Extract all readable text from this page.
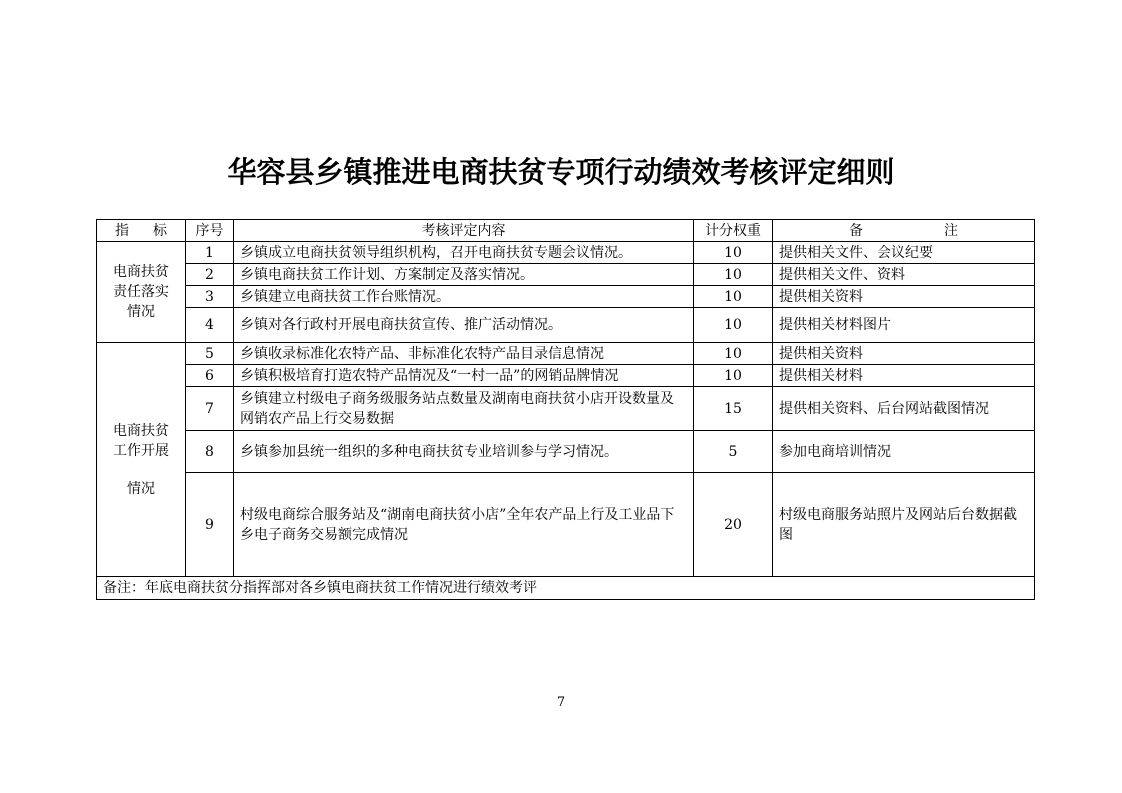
华容县乡镇推进电商扶贫专项行动绩效考核评定细则
指 标	序号	考核评定内容	计分权重	备 注

电商扶贫
责任落实
情况	1	乡镇成立电商扶贫领导组织机构，召开电商扶贫专题会议情况。	10	提供相关文件、会议纪要
	2	乡镇电商扶贫工作计划、方案制定及落实情况。	10	提供相关文件、资料
	3	乡镇建立电商扶贫工作台账情况。	10	提供相关资料
	4	乡镇对各行政村开展电商扶贫宣传、推广活动情况。	10	提供相关材料图片

电商扶贫
工作开展
情况	5	乡镇收录标准化农特产品、非标准化农特产品目录信息情况	10	提供相关资料
	6	乡镇积极培育打造农特产品情况及“一村一品”的网销品牌情况	10	提供相关材料
	7	乡镇建立村级电子商务级服务站点数量及湖南电商扶贫小店开设数量及网销农产品上行交易数据	15	提供相关资料、后台网站截图情况
	8	乡镇参加县统一组织的多种电商扶贫专业培训参与学习情况。	5	参加电商培训情况
	9	村级电商综合服务站及“湖南电商扶贫小店”全年农产品上行及工业品下乡电子商务交易额完成情况	20	村级电商服务站照片及网站后台数据截图
备注：年底电商扶贫分指挥部对各乡镇电商扶贫工作情况进行绩效考评				
7
